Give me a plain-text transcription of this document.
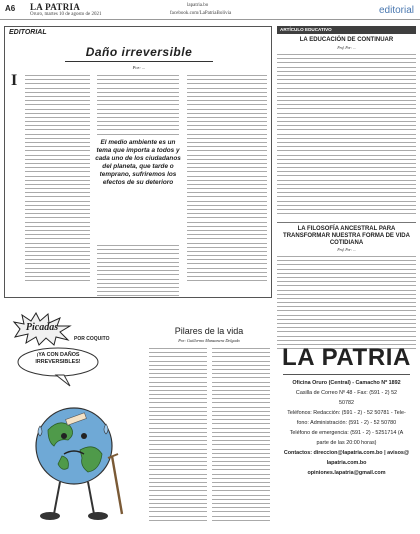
A6 LA PATRIA
Oruro, martes 10 de agosto de 2021
lapatria.bo
facebook.com/LaPatriaBolivia	editorial
EDITORIAL
Daño irreversible
Por: ...
I
El medio ambiente es un tema que importa a todos y cada uno de los ciudadanos del planeta, que tarde o temprano, sufriremos los efectos de su deterioro
Picadas
POR COQUITO
¡YA CON DAÑOS IRREVERSIBLES!
Pilares de la vida
Por: Guillermo Manzanera Delgado
ARTÍCULO EDUCATIVO
LA EDUCACIÓN DE CONTINUAR
Prof. Por: ...
LA FILOSOFÍA ANCESTRAL PARA TRANSFORMAR NUESTRA FORMA DE VIDA COTIDIANA
Prof. Por: ...
LA PATRIA
Oficina Oruro (Central) - Camacho Nº 1892
Casilla de Correo Nº 48 - Fax: (591 - 2) 52
50782
Teléfonos: Redacción: (591 - 2) - 52 50781 - Tele-
fono: Administración: (591 - 2) - 52 50780
Teléfono de emergencia: (591 - 2) - 5251714 (A
parte de las 20:00 horas)
Contactos: direccion@lapatria.com.bo | avisos@
lapatria.com.bo
opiniones.lapatria@gmail.com
